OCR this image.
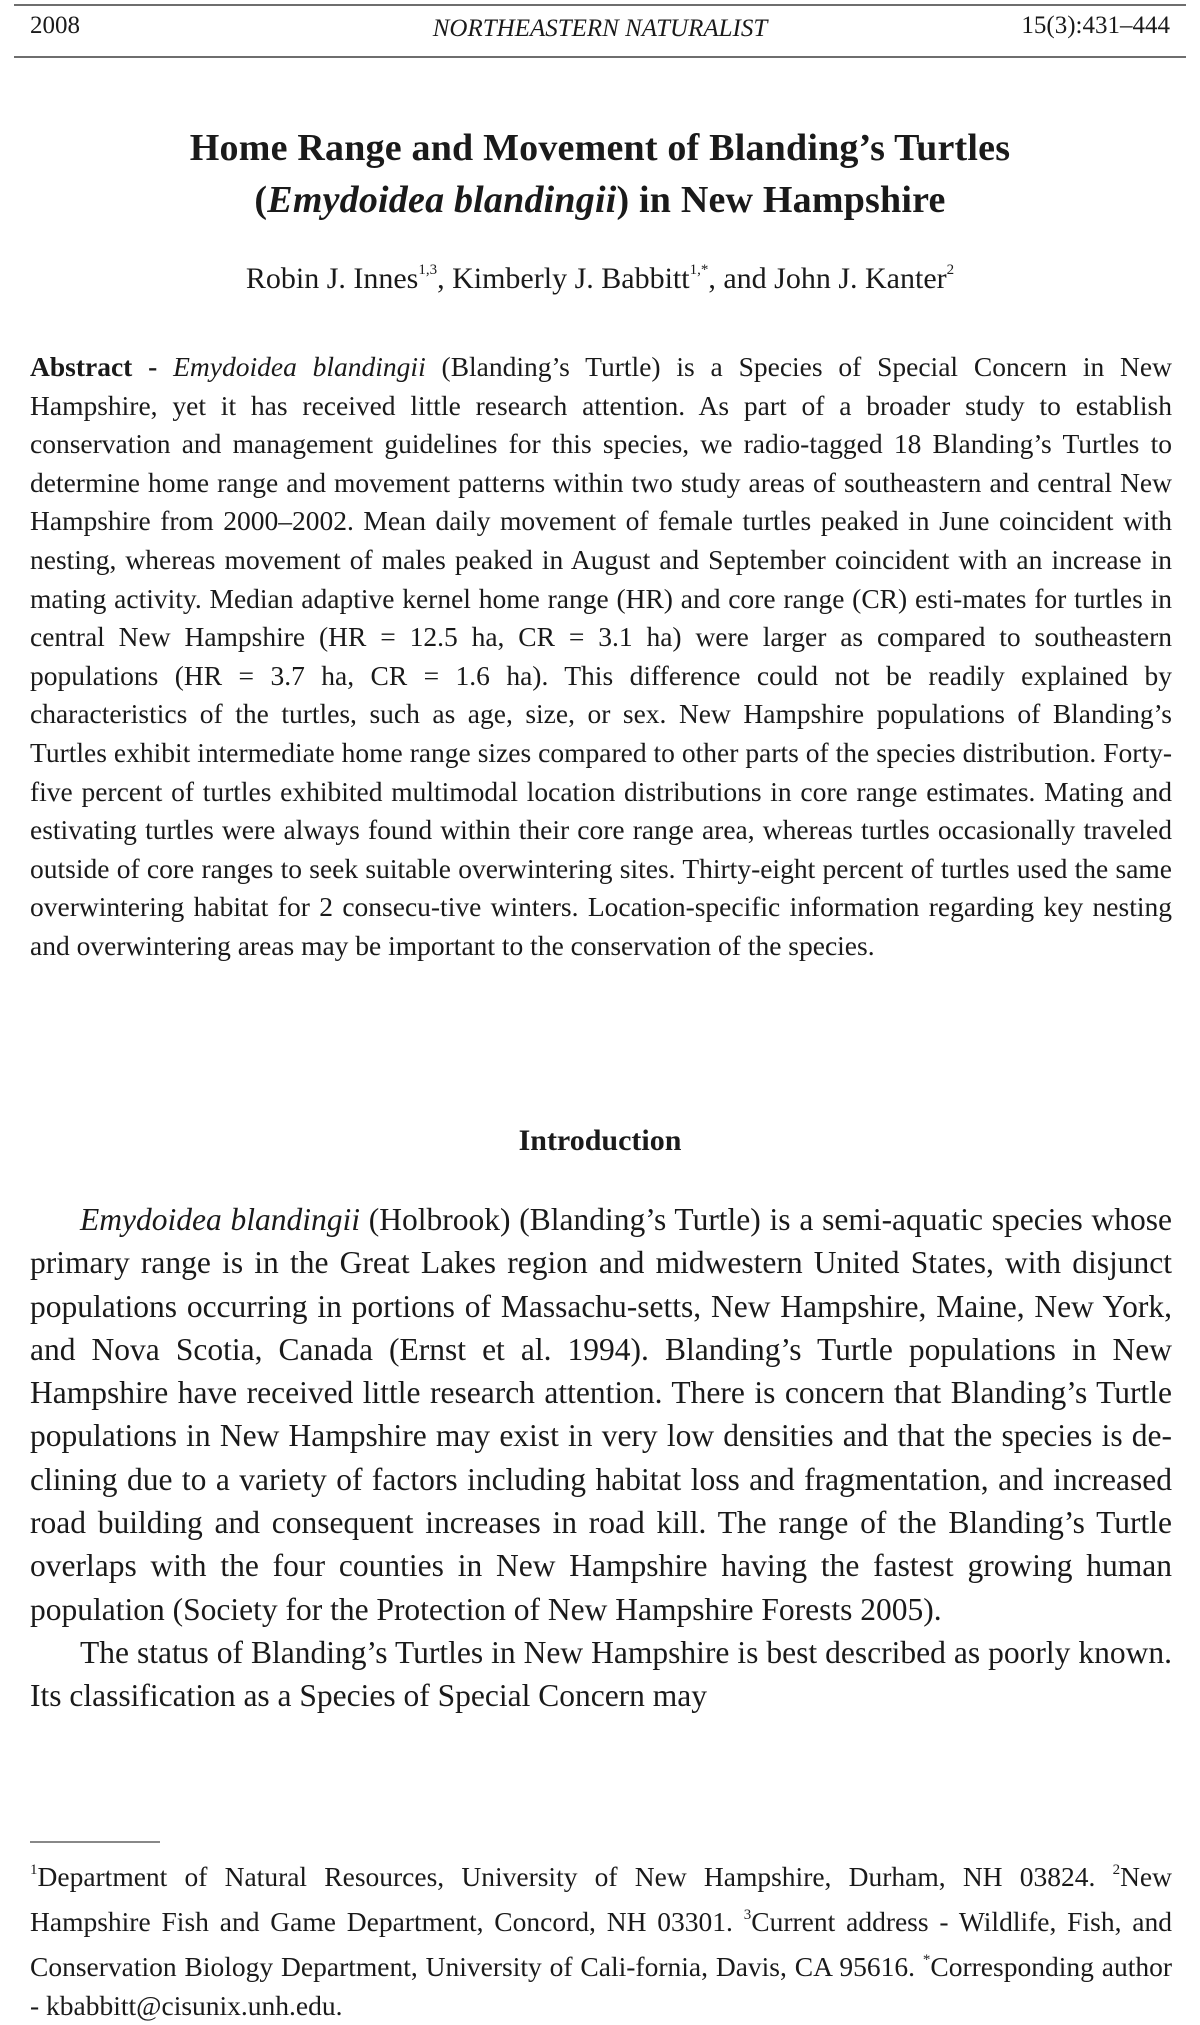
2008	NORTHEASTERN NATURALIST	15(3):431–444
Home Range and Movement of Blanding’s Turtles
(Emydoidea blandingii) in New Hampshire
Robin J. Innes$^{1,3}$, Kimberly J. Babbitt$^{1,*}$, and John J. Kanter$^2$
Abstract - Emydoidea blandingii (Blanding’s Turtle) is a Species of Special Concern in New Hampshire, yet it has received little research attention. As part of a broader study to establish conservation and management guidelines for this species, we radio-tagged 18 Blanding’s Turtles to determine home range and movement patterns within two study areas of southeastern and central New Hampshire from 2000–2002. Mean daily movement of female turtles peaked in June coincident with nesting, whereas movement of males peaked in August and September coincident with an increase in mating activity. Median adaptive kernel home range (HR) and core range (CR) esti-mates for turtles in central New Hampshire (HR = 12.5 ha, CR = 3.1 ha) were larger as compared to southeastern populations (HR = 3.7 ha, CR = 1.6 ha). This difference could not be readily explained by characteristics of the turtles, such as age, size, or sex. New Hampshire populations of Blanding’s Turtles exhibit intermediate home range sizes compared to other parts of the species distribution. Forty-five percent of turtles exhibited multimodal location distributions in core range estimates. Mating and estivating turtles were always found within their core range area, whereas turtles occasionally traveled outside of core ranges to seek suitable overwintering sites. Thirty-eight percent of turtles used the same overwintering habitat for 2 consecu-tive winters. Location-specific information regarding key nesting and overwintering areas may be important to the conservation of the species.
Introduction

Emydoidea blandingii (Holbrook) (Blanding’s Turtle) is a semi-aquatic species whose primary range is in the Great Lakes region and midwestern United States, with disjunct populations occurring in portions of Massachu-setts, New Hampshire, Maine, New York, and Nova Scotia, Canada (Ernst et al. 1994). Blanding’s Turtle populations in New Hampshire have received little research attention. There is concern that Blanding’s Turtle populations in New Hampshire may exist in very low densities and that the species is de-clining due to a variety of factors including habitat loss and fragmentation, and increased road building and consequent increases in road kill. The range of the Blanding’s Turtle overlaps with the four counties in New Hampshire having the fastest growing human population (Society for the Protection of New Hampshire Forests 2005).

The status of Blanding’s Turtles in New Hampshire is best described as poorly known. Its classification as a Species of Special Concern may

$^1$Department of Natural Resources, University of New Hampshire, Durham, NH 03824. $^2$New Hampshire Fish and Game Department, Concord, NH 03301. $^3$Current address - Wildlife, Fish, and Conservation Biology Department, University of Cali-fornia, Davis, CA 95616. *Corresponding author - kbabbitt@cisunix.unh.edu.
